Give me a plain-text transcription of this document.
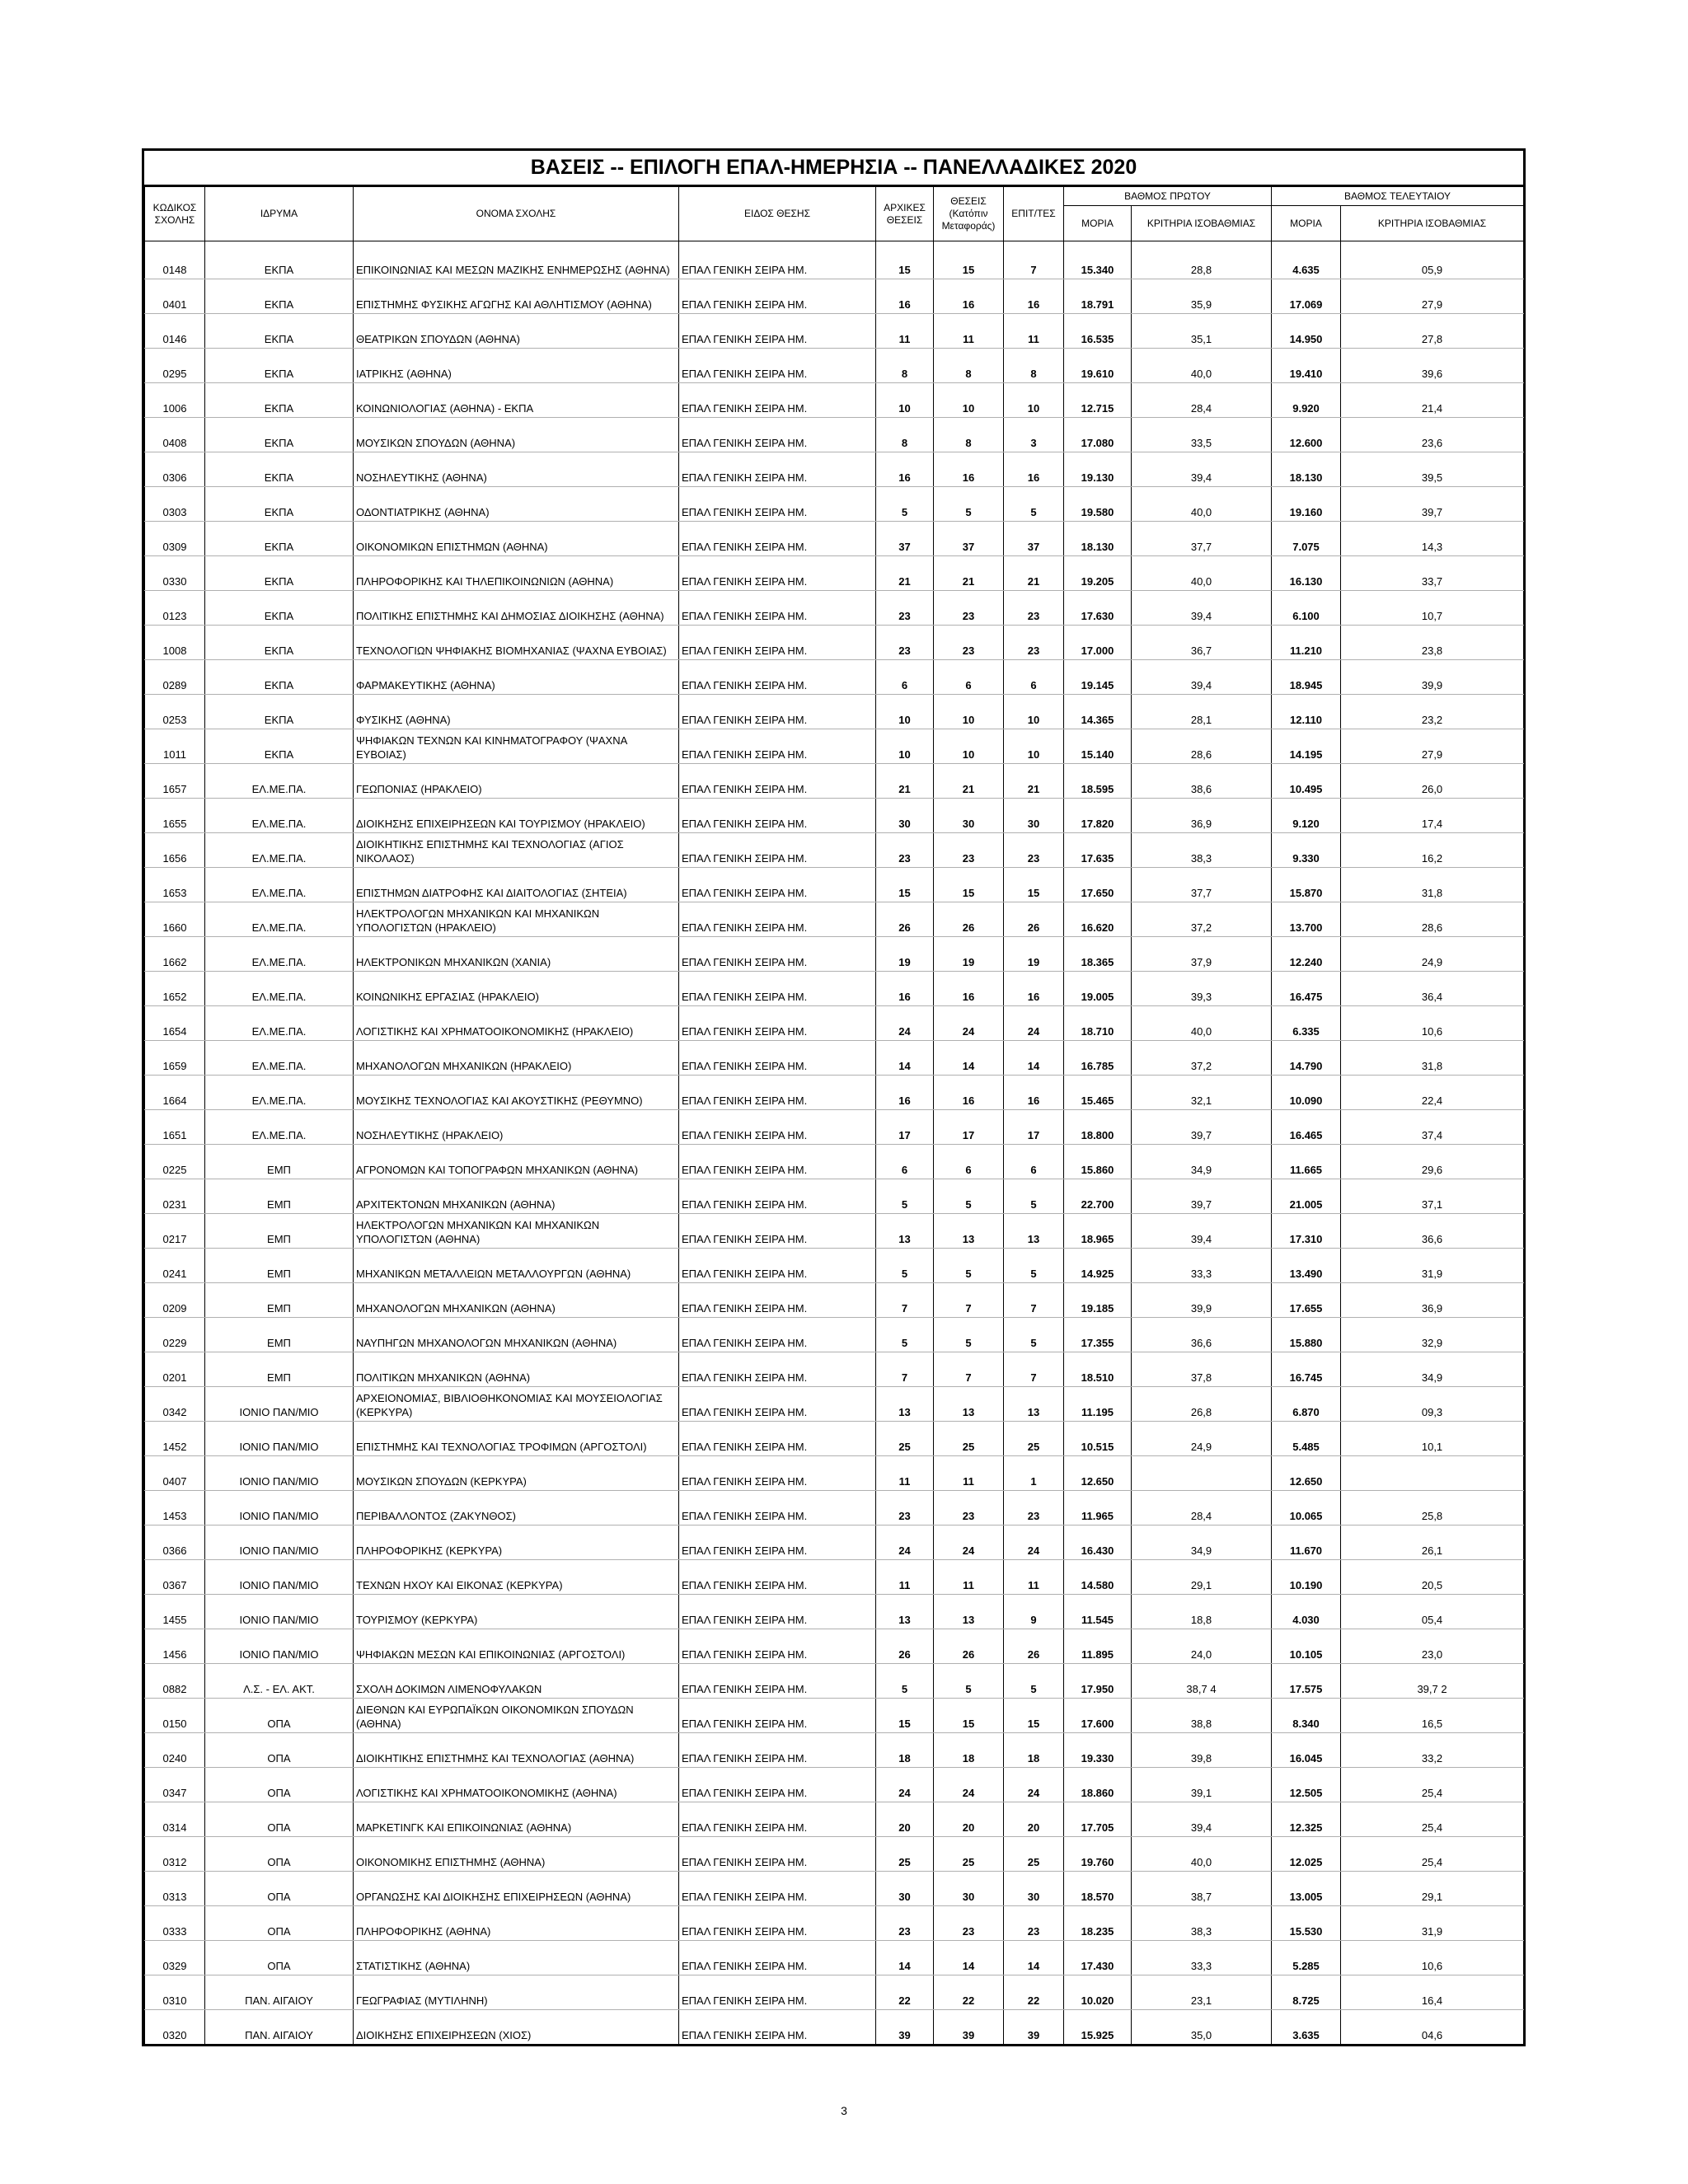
ΒΑΣΕΙΣ -- ΕΠΙΛΟΓΗ ΕΠΑΛ-ΗΜΕΡΗΣΙΑ -- ΠΑΝΕΛΛΑΔΙΚΕΣ 2020
ΚΩΔΙΚΟΣ ΣΧΟΛΗΣ	ΙΔΡΥΜΑ	ΟΝΟΜΑ ΣΧΟΛΗΣ	ΕΙΔΟΣ ΘΕΣΗΣ	ΑΡΧΙΚΕΣ ΘΕΣΕΙΣ	ΘΕΣΕΙΣ (Κατόπιν Μεταφοράς)	ΕΠΙΤ/ΤΕΣ	ΒΑΘΜΟΣ ΠΡΩΤΟΥ		ΒΑΘΜΟΣ ΤΕΛΕΥΤΑΙΟΥ	
							ΜΟΡΙΑ	ΚΡΙΤΗΡΙΑ ΙΣΟΒΑΘΜΙΑΣ	ΜΟΡΙΑ	ΚΡΙΤΗΡΙΑ ΙΣΟΒΑΘΜΙΑΣ
0148	ΕΚΠΑ	ΕΠΙΚΟΙΝΩΝΙΑΣ ΚΑΙ ΜΕΣΩΝ ΜΑΖΙΚΗΣ ΕΝΗΜΕΡΩΣΗΣ (ΑΘΗΝΑ)	ΕΠΑΛ ΓΕΝΙΚΗ ΣΕΙΡΑ ΗΜ.	15	15	7	15.340	28,8	4.635	05,9
0401	ΕΚΠΑ	ΕΠΙΣΤΗΜΗΣ ΦΥΣΙΚΗΣ ΑΓΩΓΗΣ ΚΑΙ ΑΘΛΗΤΙΣΜΟΥ (ΑΘΗΝΑ)	ΕΠΑΛ ΓΕΝΙΚΗ ΣΕΙΡΑ ΗΜ.	16	16	16	18.791	35,9	17.069	27,9
0146	ΕΚΠΑ	ΘΕΑΤΡΙΚΩΝ ΣΠΟΥΔΩΝ (ΑΘΗΝΑ)	ΕΠΑΛ ΓΕΝΙΚΗ ΣΕΙΡΑ ΗΜ.	11	11	11	16.535	35,1	14.950	27,8
0295	ΕΚΠΑ	ΙΑΤΡΙΚΗΣ (ΑΘΗΝΑ)	ΕΠΑΛ ΓΕΝΙΚΗ ΣΕΙΡΑ ΗΜ.	8	8	8	19.610	40,0	19.410	39,6
1006	ΕΚΠΑ	ΚΟΙΝΩΝΙΟΛΟΓΙΑΣ (ΑΘΗΝΑ) - ΕΚΠΑ	ΕΠΑΛ ΓΕΝΙΚΗ ΣΕΙΡΑ ΗΜ.	10	10	10	12.715	28,4	9.920	21,4
0408	ΕΚΠΑ	ΜΟΥΣΙΚΩΝ ΣΠΟΥΔΩΝ (ΑΘΗΝΑ)	ΕΠΑΛ ΓΕΝΙΚΗ ΣΕΙΡΑ ΗΜ.	8	8	3	17.080	33,5	12.600	23,6
0306	ΕΚΠΑ	ΝΟΣΗΛΕΥΤΙΚΗΣ (ΑΘΗΝΑ)	ΕΠΑΛ ΓΕΝΙΚΗ ΣΕΙΡΑ ΗΜ.	16	16	16	19.130	39,4	18.130	39,5
0303	ΕΚΠΑ	ΟΔΟΝΤΙΑΤΡΙΚΗΣ (ΑΘΗΝΑ)	ΕΠΑΛ ΓΕΝΙΚΗ ΣΕΙΡΑ ΗΜ.	5	5	5	19.580	40,0	19.160	39,7
0309	ΕΚΠΑ	ΟΙΚΟΝΟΜΙΚΩΝ ΕΠΙΣΤΗΜΩΝ (ΑΘΗΝΑ)	ΕΠΑΛ ΓΕΝΙΚΗ ΣΕΙΡΑ ΗΜ.	37	37	37	18.130	37,7	7.075	14,3
0330	ΕΚΠΑ	ΠΛΗΡΟΦΟΡΙΚΗΣ ΚΑΙ ΤΗΛΕΠΙΚΟΙΝΩΝΙΩΝ (ΑΘΗΝΑ)	ΕΠΑΛ ΓΕΝΙΚΗ ΣΕΙΡΑ ΗΜ.	21	21	21	19.205	40,0	16.130	33,7
0123	ΕΚΠΑ	ΠΟΛΙΤΙΚΗΣ ΕΠΙΣΤΗΜΗΣ ΚΑΙ ΔΗΜΟΣΙΑΣ ΔΙΟΙΚΗΣΗΣ (ΑΘΗΝΑ)	ΕΠΑΛ ΓΕΝΙΚΗ ΣΕΙΡΑ ΗΜ.	23	23	23	17.630	39,4	6.100	10,7
1008	ΕΚΠΑ	ΤΕΧΝΟΛΟΓΙΩΝ ΨΗΦΙΑΚΗΣ ΒΙΟΜΗΧΑΝΙΑΣ (ΨΑΧΝΑ ΕΥΒΟΙΑΣ)	ΕΠΑΛ ΓΕΝΙΚΗ ΣΕΙΡΑ ΗΜ.	23	23	23	17.000	36,7	11.210	23,8
0289	ΕΚΠΑ	ΦΑΡΜΑΚΕΥΤΙΚΗΣ (ΑΘΗΝΑ)	ΕΠΑΛ ΓΕΝΙΚΗ ΣΕΙΡΑ ΗΜ.	6	6	6	19.145	39,4	18.945	39,9
0253	ΕΚΠΑ	ΦΥΣΙΚΗΣ (ΑΘΗΝΑ)	ΕΠΑΛ ΓΕΝΙΚΗ ΣΕΙΡΑ ΗΜ.	10	10	10	14.365	28,1	12.110	23,2
1011	ΕΚΠΑ	ΨΗΦΙΑΚΩΝ ΤΕΧΝΩΝ ΚΑΙ ΚΙΝΗΜΑΤΟΓΡΑΦΟΥ (ΨΑΧΝΑ ΕΥΒΟΙΑΣ)	ΕΠΑΛ ΓΕΝΙΚΗ ΣΕΙΡΑ ΗΜ.	10	10	10	15.140	28,6	14.195	27,9
1657	ΕΛ.ΜΕ.ΠΑ.	ΓΕΩΠΟΝΙΑΣ (ΗΡΑΚΛΕΙΟ)	ΕΠΑΛ ΓΕΝΙΚΗ ΣΕΙΡΑ ΗΜ.	21	21	21	18.595	38,6	10.495	26,0
1655	ΕΛ.ΜΕ.ΠΑ.	ΔΙΟΙΚΗΣΗΣ ΕΠΙΧΕΙΡΗΣΕΩΝ ΚΑΙ ΤΟΥΡΙΣΜΟΥ (ΗΡΑΚΛΕΙΟ)	ΕΠΑΛ ΓΕΝΙΚΗ ΣΕΙΡΑ ΗΜ.	30	30	30	17.820	36,9	9.120	17,4
1656	ΕΛ.ΜΕ.ΠΑ.	ΔΙΟΙΚΗΤΙΚΗΣ ΕΠΙΣΤΗΜΗΣ ΚΑΙ ΤΕΧΝΟΛΟΓΙΑΣ (ΑΓΙΟΣ ΝΙΚΟΛΑΟΣ)	ΕΠΑΛ ΓΕΝΙΚΗ ΣΕΙΡΑ ΗΜ.	23	23	23	17.635	38,3	9.330	16,2
1653	ΕΛ.ΜΕ.ΠΑ.	ΕΠΙΣΤΗΜΩΝ ΔΙΑΤΡΟΦΗΣ ΚΑΙ ΔΙΑΙΤΟΛΟΓΙΑΣ (ΣΗΤΕΙΑ)	ΕΠΑΛ ΓΕΝΙΚΗ ΣΕΙΡΑ ΗΜ.	15	15	15	17.650	37,7	15.870	31,8
1660	ΕΛ.ΜΕ.ΠΑ.	ΗΛΕΚΤΡΟΛΟΓΩΝ ΜΗΧΑΝΙΚΩΝ ΚΑΙ ΜΗΧΑΝΙΚΩΝ ΥΠΟΛΟΓΙΣΤΩΝ (ΗΡΑΚΛΕΙΟ)	ΕΠΑΛ ΓΕΝΙΚΗ ΣΕΙΡΑ ΗΜ.	26	26	26	16.620	37,2	13.700	28,6
1662	ΕΛ.ΜΕ.ΠΑ.	ΗΛΕΚΤΡΟΝΙΚΩΝ ΜΗΧΑΝΙΚΩΝ (ΧΑΝΙΑ)	ΕΠΑΛ ΓΕΝΙΚΗ ΣΕΙΡΑ ΗΜ.	19	19	19	18.365	37,9	12.240	24,9
1652	ΕΛ.ΜΕ.ΠΑ.	ΚΟΙΝΩΝΙΚΗΣ ΕΡΓΑΣΙΑΣ (ΗΡΑΚΛΕΙΟ)	ΕΠΑΛ ΓΕΝΙΚΗ ΣΕΙΡΑ ΗΜ.	16	16	16	19.005	39,3	16.475	36,4
1654	ΕΛ.ΜΕ.ΠΑ.	ΛΟΓΙΣΤΙΚΗΣ ΚΑΙ ΧΡΗΜΑΤΟΟΙΚΟΝΟΜΙΚΗΣ (ΗΡΑΚΛΕΙΟ)	ΕΠΑΛ ΓΕΝΙΚΗ ΣΕΙΡΑ ΗΜ.	24	24	24	18.710	40,0	6.335	10,6
1659	ΕΛ.ΜΕ.ΠΑ.	ΜΗΧΑΝΟΛΟΓΩΝ ΜΗΧΑΝΙΚΩΝ (ΗΡΑΚΛΕΙΟ)	ΕΠΑΛ ΓΕΝΙΚΗ ΣΕΙΡΑ ΗΜ.	14	14	14	16.785	37,2	14.790	31,8
1664	ΕΛ.ΜΕ.ΠΑ.	ΜΟΥΣΙΚΗΣ ΤΕΧΝΟΛΟΓΙΑΣ ΚΑΙ ΑΚΟΥΣΤΙΚΗΣ (ΡΕΘΥΜΝΟ)	ΕΠΑΛ ΓΕΝΙΚΗ ΣΕΙΡΑ ΗΜ.	16	16	16	15.465	32,1	10.090	22,4
1651	ΕΛ.ΜΕ.ΠΑ.	ΝΟΣΗΛΕΥΤΙΚΗΣ (ΗΡΑΚΛΕΙΟ)	ΕΠΑΛ ΓΕΝΙΚΗ ΣΕΙΡΑ ΗΜ.	17	17	17	18.800	39,7	16.465	37,4
0225	ΕΜΠ	ΑΓΡΟΝΟΜΩΝ ΚΑΙ ΤΟΠΟΓΡΑΦΩΝ ΜΗΧΑΝΙΚΩΝ (ΑΘΗΝΑ)	ΕΠΑΛ ΓΕΝΙΚΗ ΣΕΙΡΑ ΗΜ.	6	6	6	15.860	34,9	11.665	29,6
0231	ΕΜΠ	ΑΡΧΙΤΕΚΤΟΝΩΝ ΜΗΧΑΝΙΚΩΝ (ΑΘΗΝΑ)	ΕΠΑΛ ΓΕΝΙΚΗ ΣΕΙΡΑ ΗΜ.	5	5	5	22.700	39,7	21.005	37,1
0217	ΕΜΠ	ΗΛΕΚΤΡΟΛΟΓΩΝ ΜΗΧΑΝΙΚΩΝ ΚΑΙ ΜΗΧΑΝΙΚΩΝ ΥΠΟΛΟΓΙΣΤΩΝ (ΑΘΗΝΑ)	ΕΠΑΛ ΓΕΝΙΚΗ ΣΕΙΡΑ ΗΜ.	13	13	13	18.965	39,4	17.310	36,6
0241	ΕΜΠ	ΜΗΧΑΝΙΚΩΝ ΜΕΤΑΛΛΕΙΩΝ ΜΕΤΑΛΛΟΥΡΓΩΝ (ΑΘΗΝΑ)	ΕΠΑΛ ΓΕΝΙΚΗ ΣΕΙΡΑ ΗΜ.	5	5	5	14.925	33,3	13.490	31,9
0209	ΕΜΠ	ΜΗΧΑΝΟΛΟΓΩΝ ΜΗΧΑΝΙΚΩΝ (ΑΘΗΝΑ)	ΕΠΑΛ ΓΕΝΙΚΗ ΣΕΙΡΑ ΗΜ.	7	7	7	19.185	39,9	17.655	36,9
0229	ΕΜΠ	ΝΑΥΠΗΓΩΝ ΜΗΧΑΝΟΛΟΓΩΝ ΜΗΧΑΝΙΚΩΝ (ΑΘΗΝΑ)	ΕΠΑΛ ΓΕΝΙΚΗ ΣΕΙΡΑ ΗΜ.	5	5	5	17.355	36,6	15.880	32,9
0201	ΕΜΠ	ΠΟΛΙΤΙΚΩΝ ΜΗΧΑΝΙΚΩΝ (ΑΘΗΝΑ)	ΕΠΑΛ ΓΕΝΙΚΗ ΣΕΙΡΑ ΗΜ.	7	7	7	18.510	37,8	16.745	34,9
0342	ΙΟΝΙΟ ΠΑΝ/ΜΙΟ	ΑΡΧΕΙΟΝΟΜΙΑΣ, ΒΙΒΛΙΟΘΗΚΟΝΟΜΙΑΣ ΚΑΙ ΜΟΥΣΕΙΟΛΟΓΙΑΣ (ΚΕΡΚΥΡΑ)	ΕΠΑΛ ΓΕΝΙΚΗ ΣΕΙΡΑ ΗΜ.	13	13	13	11.195	26,8	6.870	09,3
1452	ΙΟΝΙΟ ΠΑΝ/ΜΙΟ	ΕΠΙΣΤΗΜΗΣ ΚΑΙ ΤΕΧΝΟΛΟΓΙΑΣ ΤΡΟΦΙΜΩΝ (ΑΡΓΟΣΤΟΛΙ)	ΕΠΑΛ ΓΕΝΙΚΗ ΣΕΙΡΑ ΗΜ.	25	25	25	10.515	24,9	5.485	10,1
0407	ΙΟΝΙΟ ΠΑΝ/ΜΙΟ	ΜΟΥΣΙΚΩΝ ΣΠΟΥΔΩΝ (ΚΕΡΚΥΡΑ)	ΕΠΑΛ ΓΕΝΙΚΗ ΣΕΙΡΑ ΗΜ.	11	11	1	12.650		12.650	
1453	ΙΟΝΙΟ ΠΑΝ/ΜΙΟ	ΠΕΡΙΒΑΛΛΟΝΤΟΣ (ΖΑΚΥΝΘΟΣ)	ΕΠΑΛ ΓΕΝΙΚΗ ΣΕΙΡΑ ΗΜ.	23	23	23	11.965	28,4	10.065	25,8
0366	ΙΟΝΙΟ ΠΑΝ/ΜΙΟ	ΠΛΗΡΟΦΟΡΙΚΗΣ (ΚΕΡΚΥΡΑ)	ΕΠΑΛ ΓΕΝΙΚΗ ΣΕΙΡΑ ΗΜ.	24	24	24	16.430	34,9	11.670	26,1
0367	ΙΟΝΙΟ ΠΑΝ/ΜΙΟ	ΤΕΧΝΩΝ ΗΧΟΥ ΚΑΙ ΕΙΚΟΝΑΣ (ΚΕΡΚΥΡΑ)	ΕΠΑΛ ΓΕΝΙΚΗ ΣΕΙΡΑ ΗΜ.	11	11	11	14.580	29,1	10.190	20,5
1455	ΙΟΝΙΟ ΠΑΝ/ΜΙΟ	ΤΟΥΡΙΣΜΟΥ (ΚΕΡΚΥΡΑ)	ΕΠΑΛ ΓΕΝΙΚΗ ΣΕΙΡΑ ΗΜ.	13	13	9	11.545	18,8	4.030	05,4
1456	ΙΟΝΙΟ ΠΑΝ/ΜΙΟ	ΨΗΦΙΑΚΩΝ ΜΕΣΩΝ ΚΑΙ ΕΠΙΚΟΙΝΩΝΙΑΣ (ΑΡΓΟΣΤΟΛΙ)	ΕΠΑΛ ΓΕΝΙΚΗ ΣΕΙΡΑ ΗΜ.	26	26	26	11.895	24,0	10.105	23,0
0882	Λ.Σ. - ΕΛ. ΑΚΤ.	ΣΧΟΛΗ ΔΟΚΙΜΩΝ ΛΙΜΕΝΟΦΥΛΑΚΩΝ	ΕΠΑΛ ΓΕΝΙΚΗ ΣΕΙΡΑ ΗΜ.	5	5	5	17.950	38,7 4	17.575	39,7 2
0150	ΟΠΑ	ΔΙΕΘΝΩΝ ΚΑΙ ΕΥΡΩΠΑΪΚΩΝ ΟΙΚΟΝΟΜΙΚΩΝ ΣΠΟΥΔΩΝ (ΑΘΗΝΑ)	ΕΠΑΛ ΓΕΝΙΚΗ ΣΕΙΡΑ ΗΜ.	15	15	15	17.600	38,8	8.340	16,5
0240	ΟΠΑ	ΔΙΟΙΚΗΤΙΚΗΣ ΕΠΙΣΤΗΜΗΣ ΚΑΙ ΤΕΧΝΟΛΟΓΙΑΣ (ΑΘΗΝΑ)	ΕΠΑΛ ΓΕΝΙΚΗ ΣΕΙΡΑ ΗΜ.	18	18	18	19.330	39,8	16.045	33,2
0347	ΟΠΑ	ΛΟΓΙΣΤΙΚΗΣ ΚΑΙ ΧΡΗΜΑΤΟΟΙΚΟΝΟΜΙΚΗΣ (ΑΘΗΝΑ)	ΕΠΑΛ ΓΕΝΙΚΗ ΣΕΙΡΑ ΗΜ.	24	24	24	18.860	39,1	12.505	25,4
0314	ΟΠΑ	ΜΑΡΚΕΤΙΝΓΚ ΚΑΙ ΕΠΙΚΟΙΝΩΝΙΑΣ (ΑΘΗΝΑ)	ΕΠΑΛ ΓΕΝΙΚΗ ΣΕΙΡΑ ΗΜ.	20	20	20	17.705	39,4	12.325	25,4
0312	ΟΠΑ	ΟΙΚΟΝΟΜΙΚΗΣ ΕΠΙΣΤΗΜΗΣ (ΑΘΗΝΑ)	ΕΠΑΛ ΓΕΝΙΚΗ ΣΕΙΡΑ ΗΜ.	25	25	25	19.760	40,0	12.025	25,4
0313	ΟΠΑ	ΟΡΓΑΝΩΣΗΣ ΚΑΙ ΔΙΟΙΚΗΣΗΣ ΕΠΙΧΕΙΡΗΣΕΩΝ (ΑΘΗΝΑ)	ΕΠΑΛ ΓΕΝΙΚΗ ΣΕΙΡΑ ΗΜ.	30	30	30	18.570	38,7	13.005	29,1
0333	ΟΠΑ	ΠΛΗΡΟΦΟΡΙΚΗΣ (ΑΘΗΝΑ)	ΕΠΑΛ ΓΕΝΙΚΗ ΣΕΙΡΑ ΗΜ.	23	23	23	18.235	38,3	15.530	31,9
0329	ΟΠΑ	ΣΤΑΤΙΣΤΙΚΗΣ (ΑΘΗΝΑ)	ΕΠΑΛ ΓΕΝΙΚΗ ΣΕΙΡΑ ΗΜ.	14	14	14	17.430	33,3	5.285	10,6
0310	ΠΑΝ. ΑΙΓΑΙΟΥ	ΓΕΩΓΡΑΦΙΑΣ (ΜΥΤΙΛΗΝΗ)	ΕΠΑΛ ΓΕΝΙΚΗ ΣΕΙΡΑ ΗΜ.	22	22	22	10.020	23,1	8.725	16,4
0320	ΠΑΝ. ΑΙΓΑΙΟΥ	ΔΙΟΙΚΗΣΗΣ ΕΠΙΧΕΙΡΗΣΕΩΝ (ΧΙΟΣ)	ΕΠΑΛ ΓΕΝΙΚΗ ΣΕΙΡΑ ΗΜ.	39	39	39	15.925	35,0	3.635	04,6
3
